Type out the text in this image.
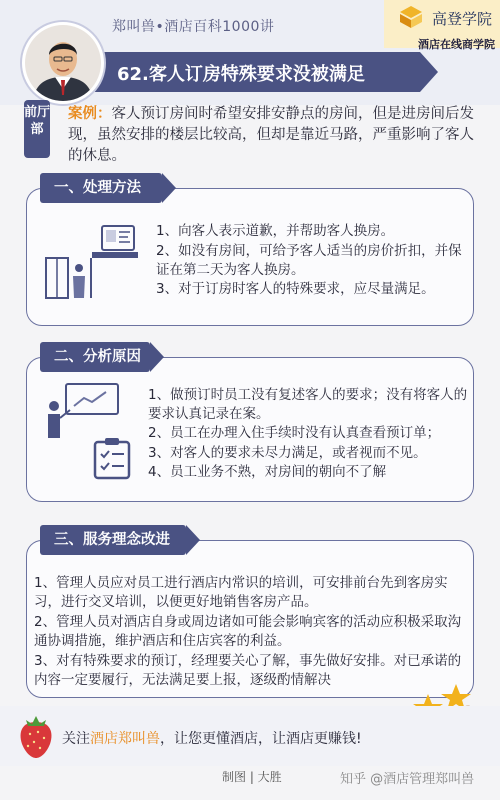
高登学院
酒店在线商学院
郑叫兽•酒店百科1000讲
62.客人订房特殊要求没被满足
前厅部
案例：客人预订房间时希望安排安静点的房间，但是进房间后发现，虽然安排的楼层比较高，但却是靠近马路，严重影响了客人的休息。
一、处理方法
1、向客人表示道歉，并帮助客人换房。
2、如没有房间，可给予客人适当的房价折扣，并保证在第二天为客人换房。
3、对于订房时客人的特殊要求，应尽量满足。
二、分析原因
1、做预订时员工没有复述客人的要求；没有将客人的要求认真记录在案。
2、员工在办理入住手续时没有认真查看预订单；
3、对客人的要求未尽力满足，或者视而不见。
4、员工业务不熟，对房间的朝向不了解
三、服务理念改进
1、管理人员应对员工进行酒店内常识的培训，可安排前台先到客房实习，进行交叉培训，以便更好地销售客房产品。
2、管理人员对酒店自身或周边诸如可能会影响宾客的活动应积极采取沟通协调措施，维护酒店和住店宾客的利益。
3、对有特殊要求的预订，经理要关心了解，事先做好安排。对已承诺的内容一定要履行，无法满足要上报，逐级酌情解决
关注酒店郑叫兽，让您更懂酒店，让酒店更赚钱!
制图 | 大胜	知乎 @酒店管理郑叫兽
